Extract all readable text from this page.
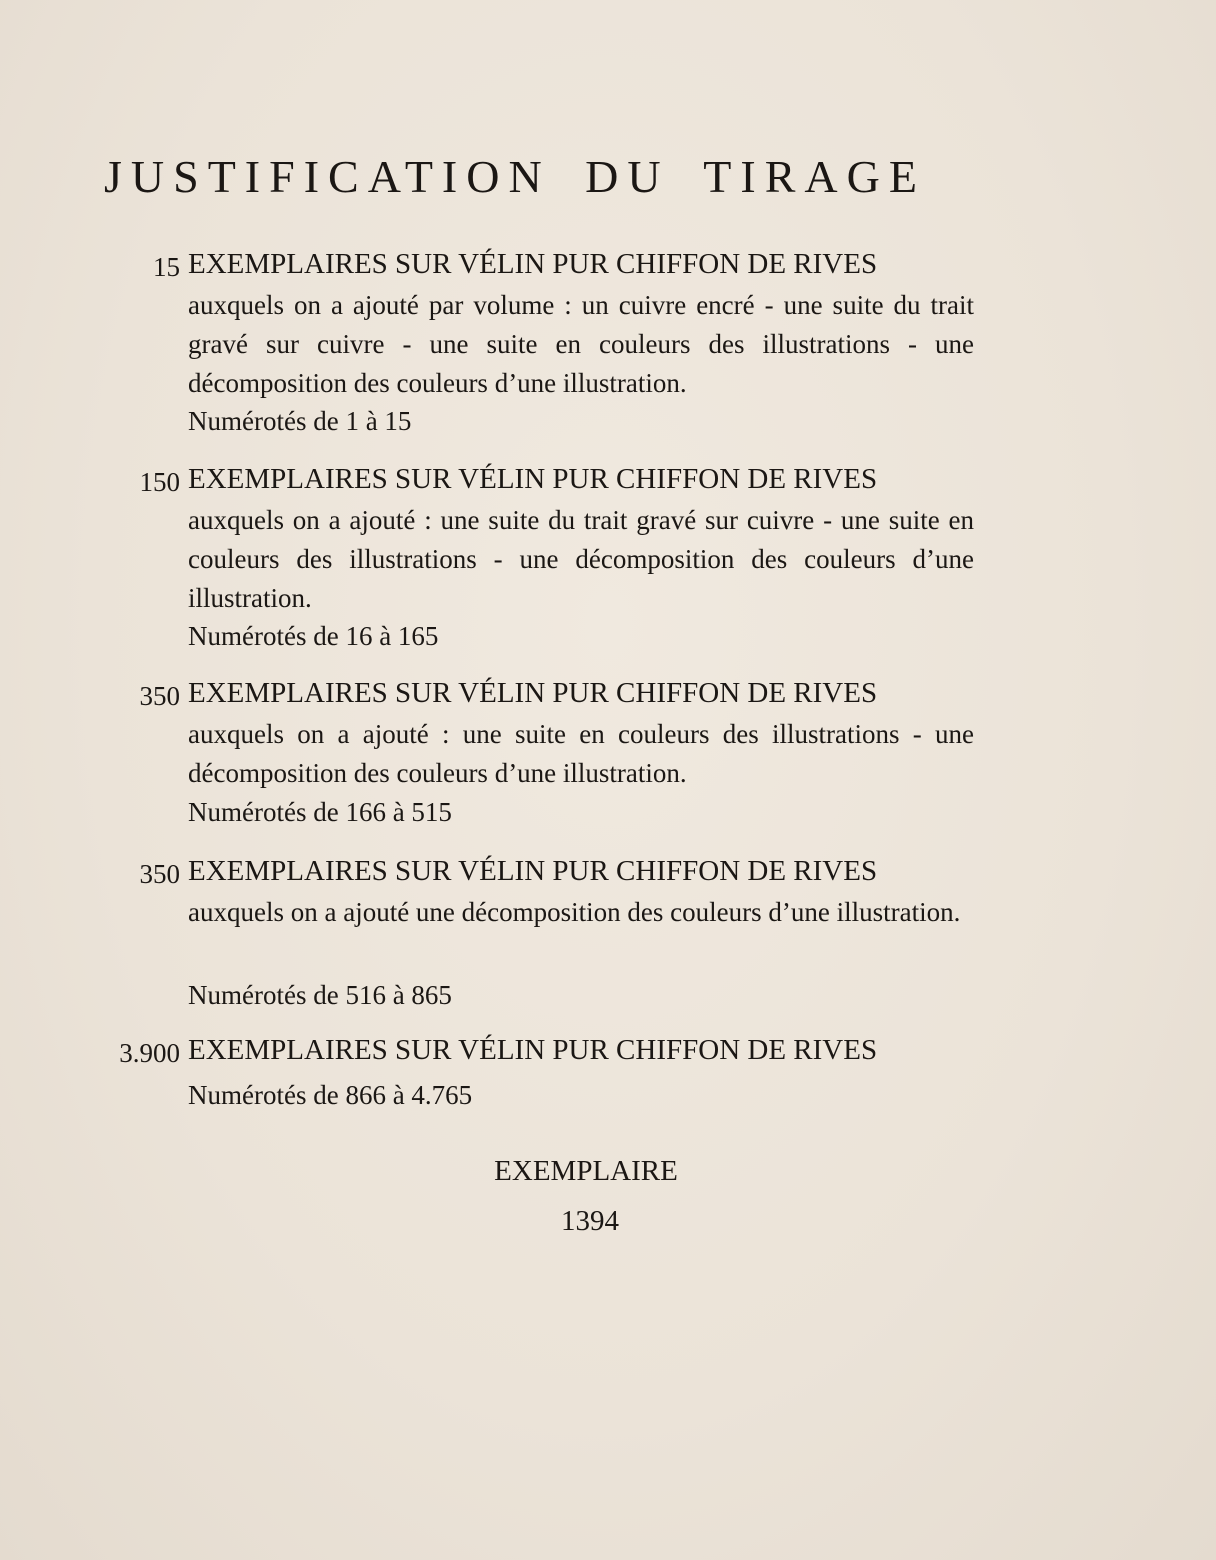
JUSTIFICATION DU TIRAGE
15 EXEMPLAIRES SUR VÉLIN PUR CHIFFON DE RIVES
auxquels on a ajouté par volume : un cuivre encré - une suite du trait gravé sur cuivre - une suite en couleurs des illustrations - une décomposition des couleurs d’une illustration.
Numérotés de 1 à 15
150 EXEMPLAIRES SUR VÉLIN PUR CHIFFON DE RIVES
auxquels on a ajouté : une suite du trait gravé sur cuivre - une suite en couleurs des illustrations - une décomposition des couleurs d’une illustration.
Numérotés de 16 à 165
350 EXEMPLAIRES SUR VÉLIN PUR CHIFFON DE RIVES
auxquels on a ajouté : une suite en couleurs des illustrations - une décomposition des couleurs d’une illustration.
Numérotés de 166 à 515
350 EXEMPLAIRES SUR VÉLIN PUR CHIFFON DE RIVES
auxquels on a ajouté une décomposition des couleurs d’une illustration.
Numérotés de 516 à 865
3.900 EXEMPLAIRES SUR VÉLIN PUR CHIFFON DE RIVES
Numérotés de 866 à 4.765
EXEMPLAIRE
1394
